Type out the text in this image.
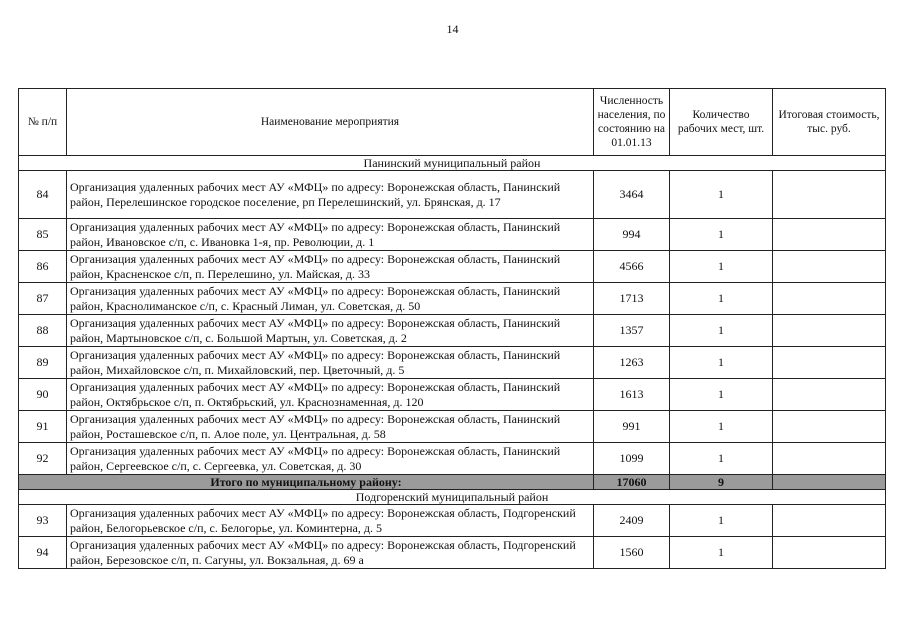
14
№ п/п	Наименование мероприятия	Численность населения, по состоянию на 01.01.13	Количество рабочих мест, шт.	Итоговая стоимость, тыс. руб.
Панинский муниципальный район				
84	Организация удаленных рабочих мест АУ «МФЦ» по адресу: Воронежская область, Панинский район, Перелешинское городское поселение, рп Перелешинский, ул. Брянская, д. 17	3464	1	
85	Организация удаленных рабочих мест АУ «МФЦ» по адресу: Воронежская область, Панинский район, Ивановское с/п, с. Ивановка 1-я, пр. Революции, д. 1	994	1	
86	Организация удаленных рабочих мест АУ «МФЦ» по адресу: Воронежская область, Панинский район, Красненское с/п, п. Перелешино, ул. Майская, д. 33	4566	1	
87	Организация удаленных рабочих мест АУ «МФЦ» по адресу: Воронежская область, Панинский район, Краснолиманское с/п, с. Красный Лиман, ул. Советская, д. 50	1713	1	
88	Организация удаленных рабочих мест АУ «МФЦ» по адресу: Воронежская область, Панинский район, Мартыновское с/п, с. Большой Мартын, ул. Советская, д. 2	1357	1	
89	Организация удаленных рабочих мест АУ «МФЦ» по адресу: Воронежская область, Панинский район, Михайловское с/п, п. Михайловский, пер. Цветочный, д. 5	1263	1	
90	Организация удаленных рабочих мест АУ «МФЦ» по адресу: Воронежская область, Панинский район, Октябрьское с/п, п. Октябрьский, ул. Краснознаменная, д. 120	1613	1	
91	Организация удаленных рабочих мест АУ «МФЦ» по адресу: Воронежская область, Панинский район, Росташевское с/п, п. Алое поле, ул. Центральная, д. 58	991	1	
92	Организация удаленных рабочих мест АУ «МФЦ» по адресу: Воронежская область, Панинский район, Сергеевское с/п, с. Сергеевка, ул. Советская, д. 30	1099	1	
Итого по муниципальному району:		17060	9	
Подгоренский муниципальный район				
93	Организация удаленных рабочих мест АУ «МФЦ» по адресу: Воронежская область, Подгоренский район, Белогорьевское с/п, с. Белогорье, ул. Коминтерна, д. 5	2409	1	
94	Организация удаленных рабочих мест АУ «МФЦ» по адресу: Воронежская область, Подгоренский район, Березовское с/п, п. Сагуны, ул. Вокзальная, д. 69 а	1560	1	
